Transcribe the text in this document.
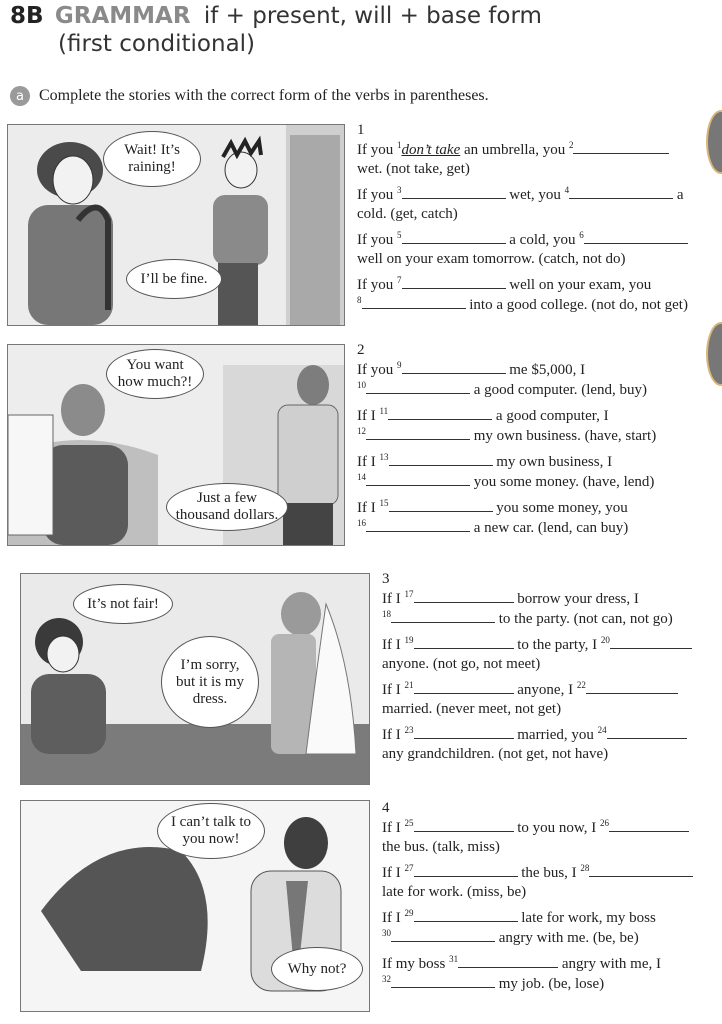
8B GRAMMAR if + present, will + base form
(first conditional)
a Complete the stories with the correct form of the verbs in parentheses.
Wait! It’s raining!
I’ll be fine.
You want how much?!
Just a few thousand dollars.
It’s not fair!
I’m sorry, but it is my dress.
I can’t talk to you now!
Why not?
1
If you $^1$don’t take an umbrella, you $^2$
wet. (not take, get)
If you $^3$	wet, you $^4$	a
cold. (get, catch)
If you $^5$	a cold, you $^6$
well on your exam tomorrow. (catch, not do)
If you $^7$	well on your exam, you
$^8$	into a good college. (not do, not get)
2
If you $^9$	me $5,000, I
$^{10}$	a good computer. (lend, buy)
If I $^{11}$	a good computer, I
$^{12}$	my own business. (have, start)
If I $^{13}$	my own business, I
$^{14}$	you some money. (have, lend)
If I $^{15}$	you some money, you
$^{16}$	a new car. (lend, can buy)
3
If I $^{17}$	borrow your dress, I
$^{18}$	to the party. (not can, not go)
If I $^{19}$	to the party, I $^{20}$
anyone. (not go, not meet)
If I $^{21}$	anyone, I $^{22}$
married. (never meet, not get)
If I $^{23}$	married, you $^{24}$
any grandchildren. (not get, not have)
4
If I $^{25}$	to you now, I $^{26}$
the bus. (talk, miss)
If I $^{27}$	the bus, I $^{28}$
late for work. (miss, be)
If I $^{29}$	late for work, my boss
$^{30}$	angry with me. (be, be)
If my boss $^{31}$	angry with me, I
$^{32}$	my job. (be, lose)
